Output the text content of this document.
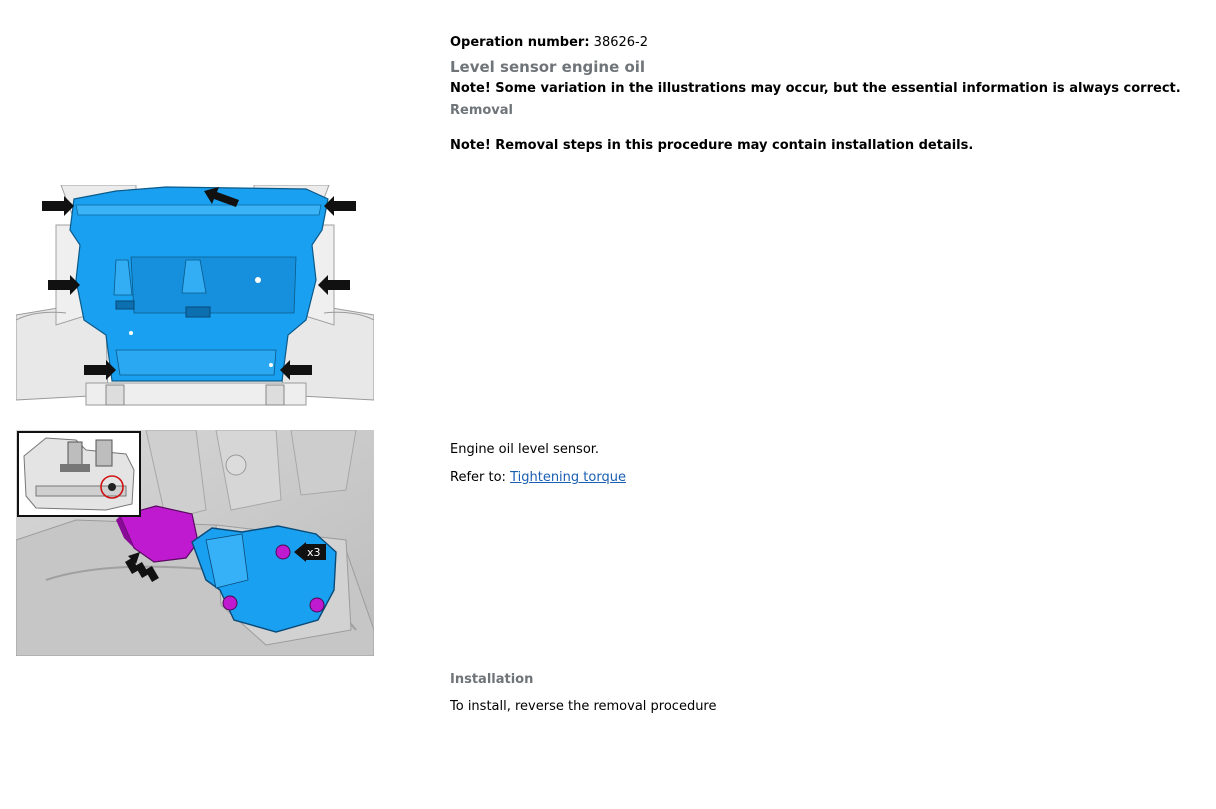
Operation number: 38626-2
Level sensor engine oil
Note! Some variation in the illustrations may occur, but the essential information is always correct.
Removal
Note! Removal steps in this procedure may contain installation details.
x3
Engine oil level sensor.
Refer to: Tightening torque
Installation
To install, reverse the removal procedure
